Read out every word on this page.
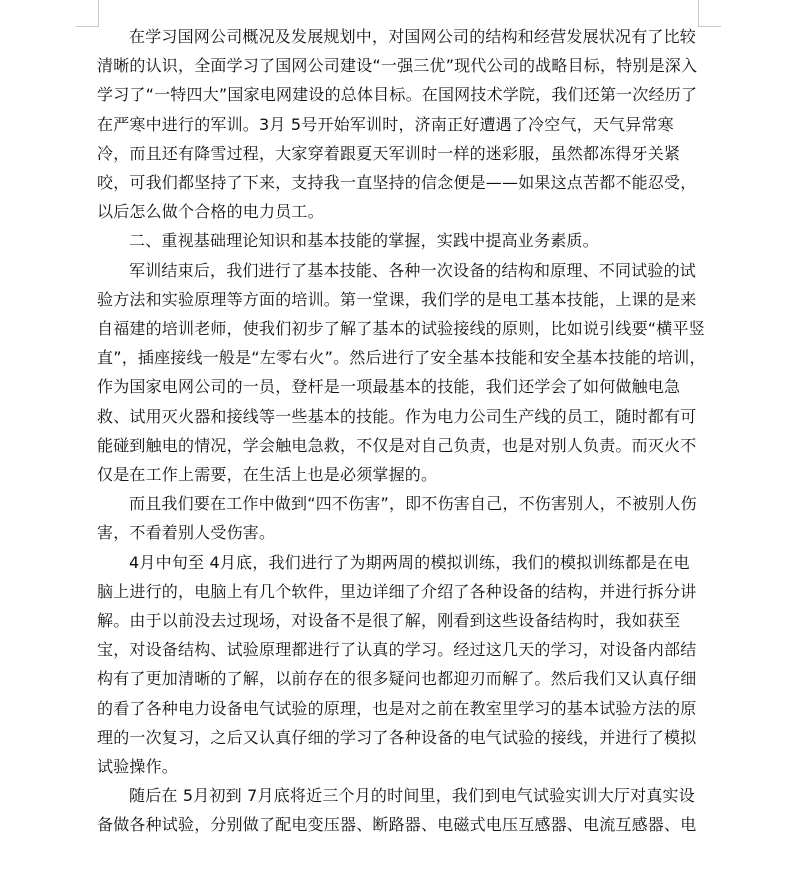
在学习国网公司概况及发展规划中，对国网公司的结构和经营发展状况有了比较
清晰的认识，全面学习了国网公司建设“一强三优”现代公司的战略目标，特别是深入
学习了“一特四大”国家电网建设的总体目标。在国网技术学院，我们还第一次经历了
在严寒中进行的军训。3月 5号开始军训时，济南正好遭遇了冷空气，天气异常寒
冷，而且还有降雪过程，大家穿着跟夏天军训时一样的迷彩服，虽然都冻得牙关紧
咬，可我们都坚持了下来，支持我一直坚持的信念便是——如果这点苦都不能忍受，
以后怎么做个合格的电力员工。

二、重视基础理论知识和基本技能的掌握，实践中提高业务素质。

军训结束后，我们进行了基本技能、各种一次设备的结构和原理、不同试验的试
验方法和实验原理等方面的培训。第一堂课，我们学的是电工基本技能，上课的是来
自福建的培训老师，使我们初步了解了基本的试验接线的原则，比如说引线要“横平竖
直”，插座接线一般是“左零右火”。然后进行了安全基本技能和安全基本技能的培训，
作为国家电网公司的一员，登杆是一项最基本的技能，我们还学会了如何做触电急
救、试用灭火器和接线等一些基本的技能。作为电力公司生产线的员工，随时都有可
能碰到触电的情况，学会触电急救，不仅是对自己负责，也是对别人负责。而灭火不
仅是在工作上需要，在生活上也是必须掌握的。

而且我们要在工作中做到“四不伤害”，即不伤害自己，不伤害别人，不被别人伤
害，不看着别人受伤害。

4月中旬至 4月底，我们进行了为期两周的模拟训练，我们的模拟训练都是在电
脑上进行的，电脑上有几个软件，里边详细了介绍了各种设备的结构，并进行拆分讲
解。由于以前没去过现场，对设备不是很了解，刚看到这些设备结构时，我如获至
宝，对设备结构、试验原理都进行了认真的学习。经过这几天的学习，对设备内部结
构有了更加清晰的了解，以前存在的很多疑问也都迎刃而解了。然后我们又认真仔细
的看了各种电力设备电气试验的原理，也是对之前在教室里学习的基本试验方法的原
理的一次复习，之后又认真仔细的学习了各种设备的电气试验的接线，并进行了模拟
试验操作。

随后在 5月初到 7月底将近三个月的时间里，我们到电气试验实训大厅对真实设
备做各种试验，分别做了配电变压器、断路器、电磁式电压互感器、电流互感器、电
